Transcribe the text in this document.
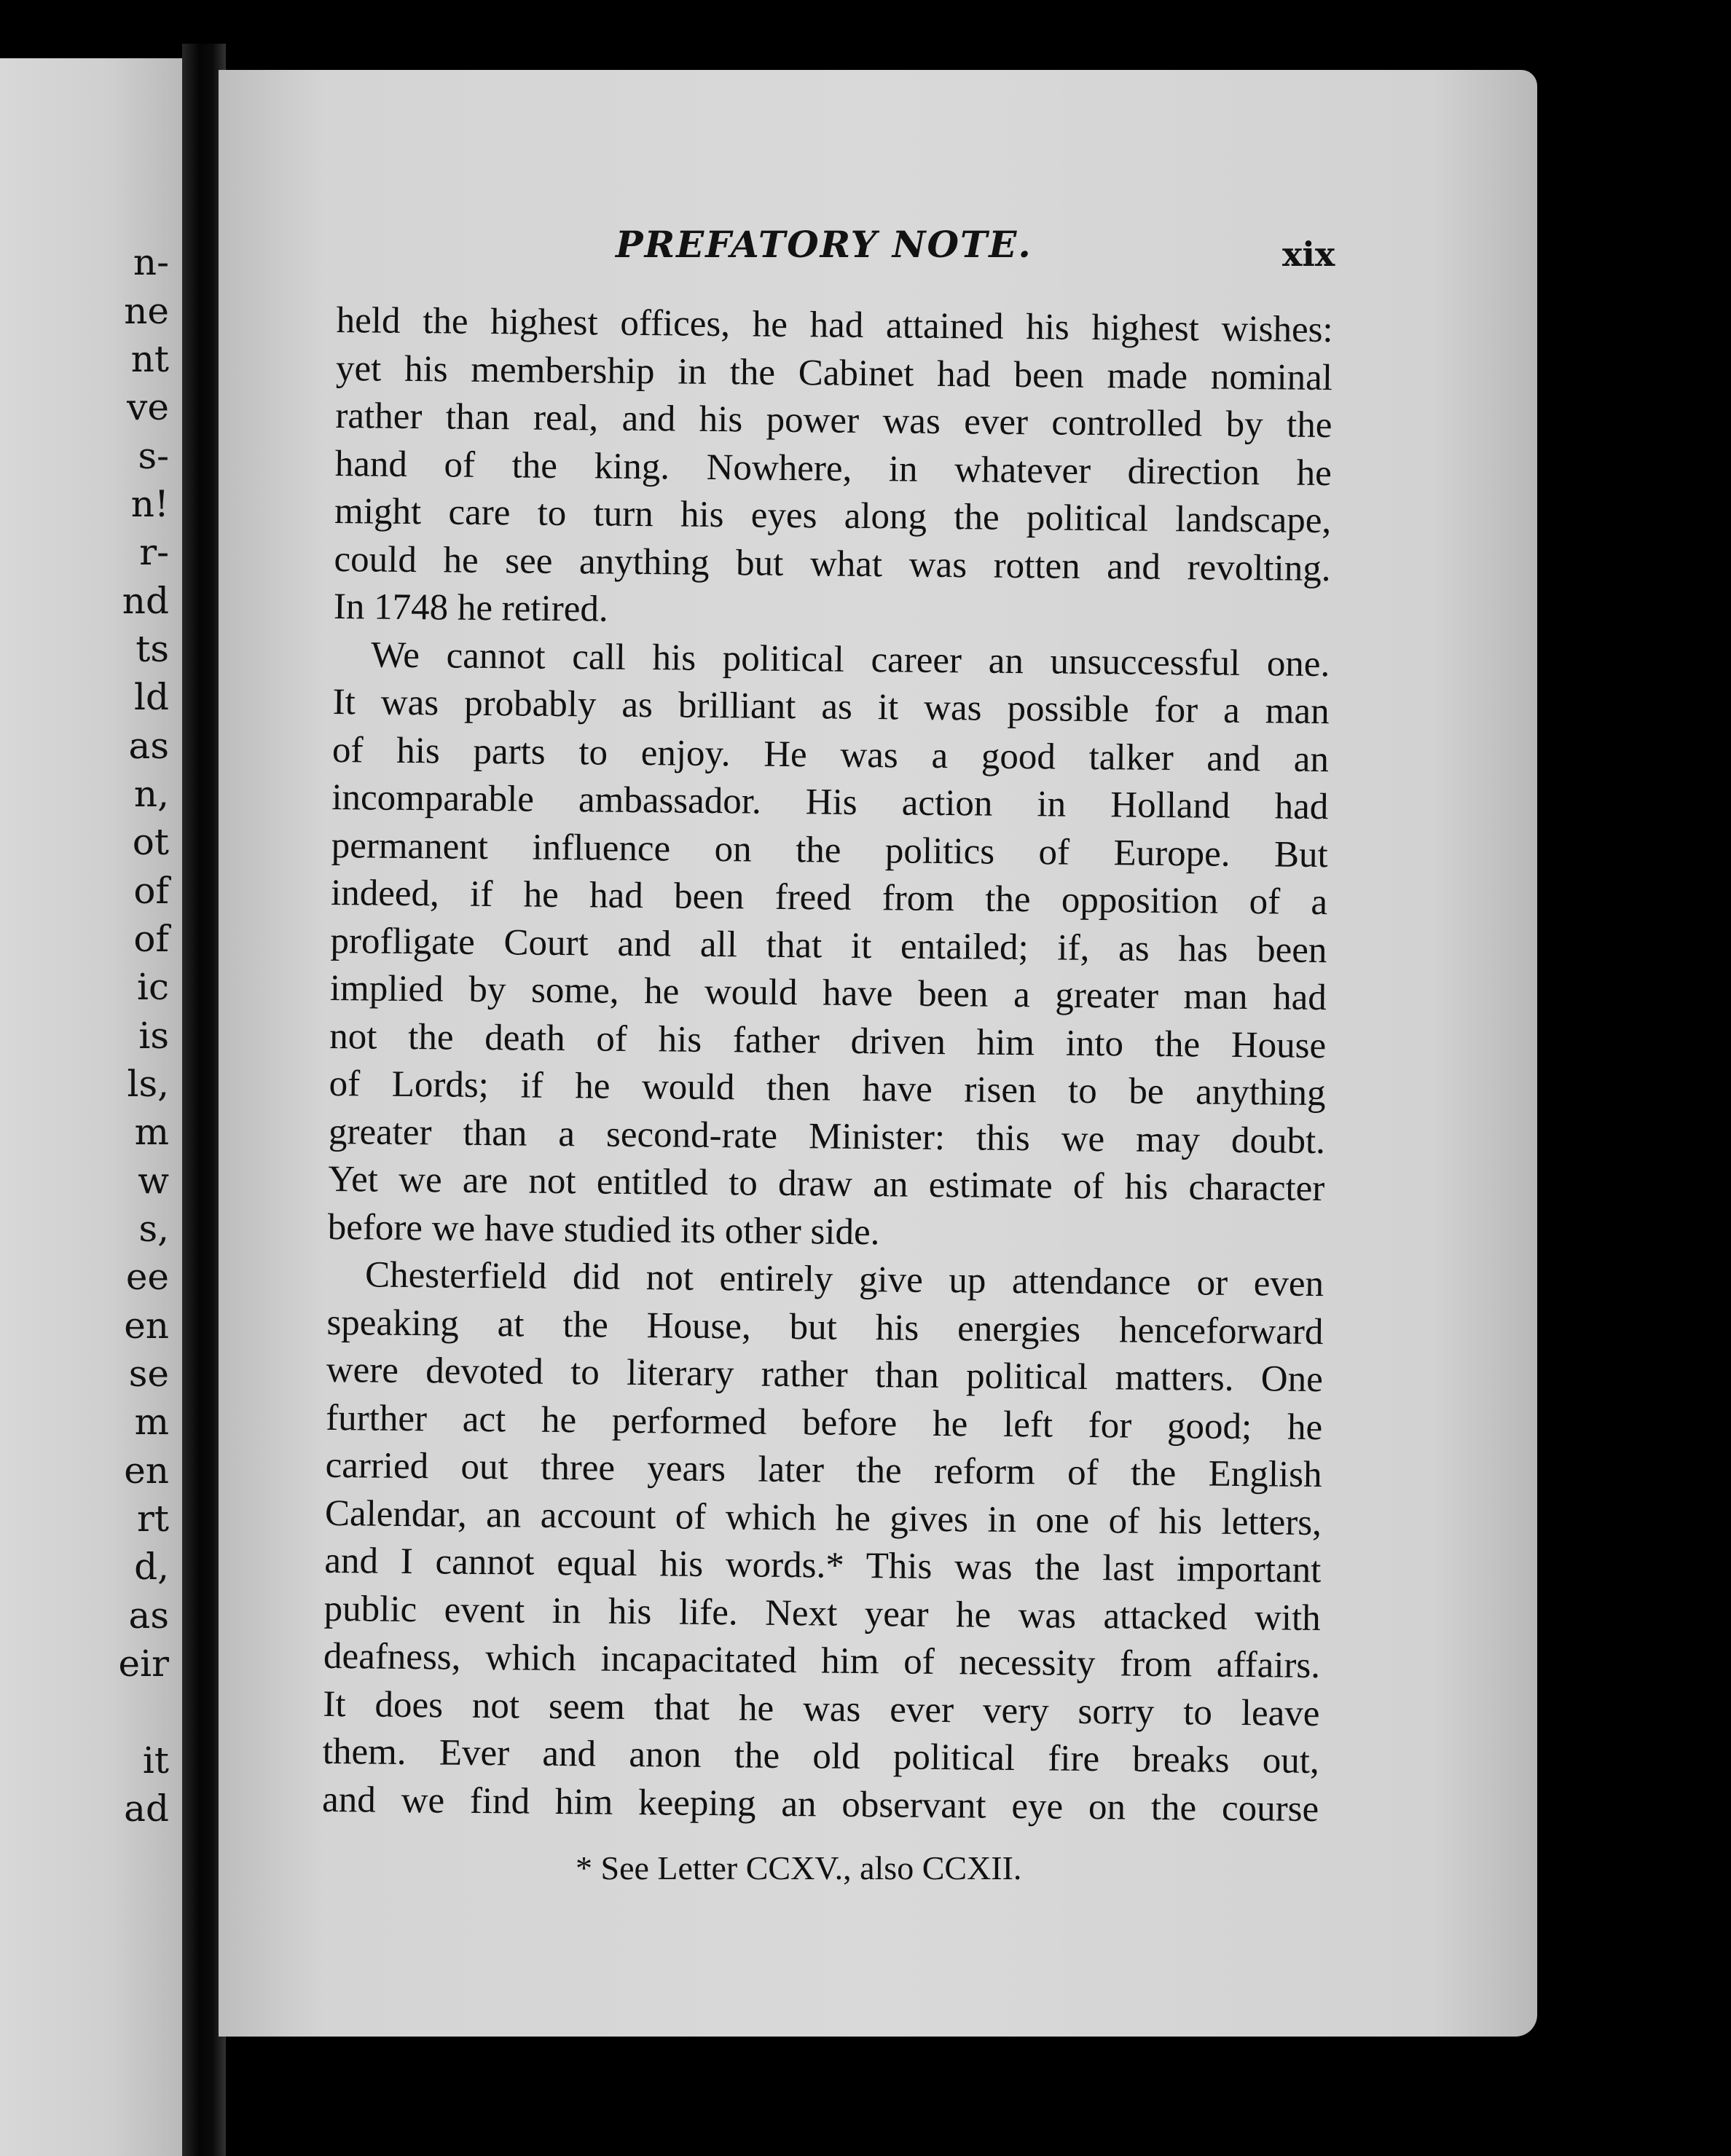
n-
ne
nt
ve
s-
n!
r-
nd
ts
ld
as
n,
ot
of
of
ic
is
ls,
m
w
s,
ee
en
se
m
en
rt
d,
as
eir
it
ad
PREFATORY NOTE.	xix
held the highest offices, he had attained his highest wishes:
yet his membership in the Cabinet had been made nominal
rather than real, and his power was ever controlled by the
hand of the king. Nowhere, in whatever direction he
might care to turn his eyes along the political landscape,
could he see anything but what was rotten and revolting.
In 1748 he retired.
We cannot call his political career an unsuccessful one.
It was probably as brilliant as it was possible for a man
of his parts to enjoy. He was a good talker and an
incomparable ambassador. His action in Holland had
permanent influence on the politics of Europe. But
indeed, if he had been freed from the opposition of a
profligate Court and all that it entailed; if, as has been
implied by some, he would have been a greater man had
not the death of his father driven him into the House
of Lords; if he would then have risen to be anything
greater than a second-rate Minister: this we may doubt.
Yet we are not entitled to draw an estimate of his character
before we have studied its other side.
Chesterfield did not entirely give up attendance or even
speaking at the House, but his energies henceforward
were devoted to literary rather than political matters. One
further act he performed before he left for good; he
carried out three years later the reform of the English
Calendar, an account of which he gives in one of his letters,
and I cannot equal his words.* This was the last important
public event in his life. Next year he was attacked with
deafness, which incapacitated him of necessity from affairs.
It does not seem that he was ever very sorry to leave
them. Ever and anon the old political fire breaks out,
and we find him keeping an observant eye on the course
* See Letter CCXV., also CCXII.
